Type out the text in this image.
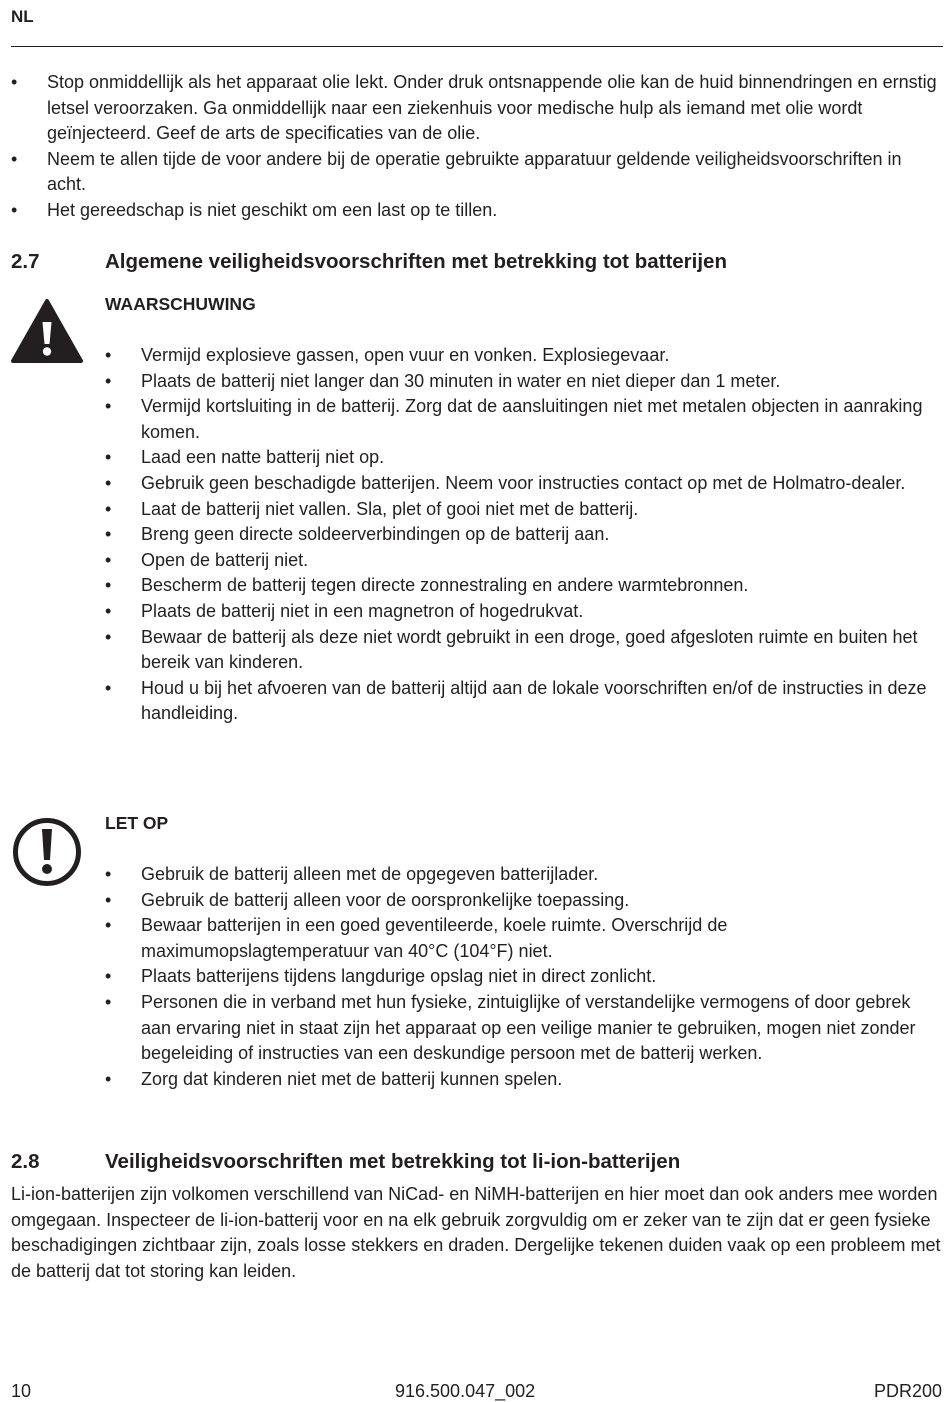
NL
• Stop onmiddellijk als het apparaat olie lekt. Onder druk ontsnappende olie kan de huid binnendringen en ernstig letsel veroorzaken. Ga onmiddellijk naar een ziekenhuis voor medische hulp als iemand met olie wordt geïnjecteerd. Geef de arts de specificaties van de olie.
• Neem te allen tijde de voor andere bij de operatie gebruikte apparatuur geldende veiligheidsvoorschriften in acht.
• Het gereedschap is niet geschikt om een last op te tillen.
2.7	Algemene veiligheidsvoorschriften met betrekking tot batterijen
WAARSCHUWING
• Vermijd explosieve gassen, open vuur en vonken. Explosiegevaar.
• Plaats de batterij niet langer dan 30 minuten in water en niet dieper dan 1 meter.
• Vermijd kortsluiting in de batterij. Zorg dat de aansluitingen niet met metalen objecten in aanraking komen.
• Laad een natte batterij niet op.
• Gebruik geen beschadigde batterijen. Neem voor instructies contact op met de Holmatro-dealer.
• Laat de batterij niet vallen. Sla, plet of gooi niet met de batterij.
• Breng geen directe soldeerverbindingen op de batterij aan.
• Open de batterij niet.
• Bescherm de batterij tegen directe zonnestraling en andere warmtebronnen.
• Plaats de batterij niet in een magnetron of hogedrukvat.
• Bewaar de batterij als deze niet wordt gebruikt in een droge, goed afgesloten ruimte en buiten het bereik van kinderen.
• Houd u bij het afvoeren van de batterij altijd aan de lokale voorschriften en/of de instructies in deze handleiding.
LET OP
• Gebruik de batterij alleen met de opgegeven batterijlader.
• Gebruik de batterij alleen voor de oorspronkelijke toepassing.
• Bewaar batterijen in een goed geventileerde, koele ruimte. Overschrijd de maximumopslagtemperatuur van 40°C (104°F) niet.
• Plaats batterijens tijdens langdurige opslag niet in direct zonlicht.
• Personen die in verband met hun fysieke, zintuiglijke of verstandelijke vermogens of door gebrek aan ervaring niet in staat zijn het apparaat op een veilige manier te gebruiken, mogen niet zonder begeleiding of instructies van een deskundige persoon met de batterij werken.
• Zorg dat kinderen niet met de batterij kunnen spelen.
2.8	Veiligheidsvoorschriften met betrekking tot li-ion-batterijen
Li-ion-batterijen zijn volkomen verschillend van NiCad- en NiMH-batterijen en hier moet dan ook anders mee worden omgegaan. Inspecteer de li-ion-batterij voor en na elk gebruik zorgvuldig om er zeker van te zijn dat er geen fysieke beschadigingen zichtbaar zijn, zoals losse stekkers en draden. Dergelijke tekenen duiden vaak op een probleem met de batterij dat tot storing kan leiden.
10	916.500.047_002	PDR200
